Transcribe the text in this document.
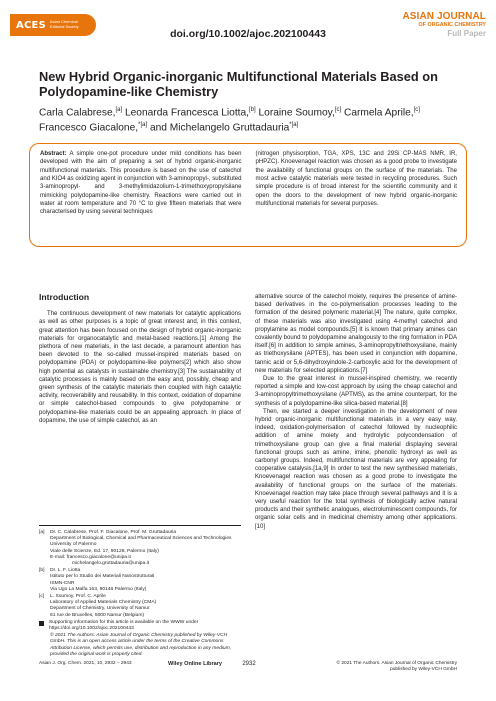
ACES Asian Chemical Editorial Society
doi.org/10.1002/ajoc.202100443
ASIAN JOURNAL
OF ORGANIC CHEMISTRY
Full Paper
New Hybrid Organic-inorganic Multifunctional Materials Based on Polydopamine-like Chemistry
Carla Calabrese,[a] Leonarda Francesca Liotta,[b] Loraine Soumoy,[c] Carmela Aprile,[c] Francesco Giacalone,$^{*[a]}$ and Michelangelo Gruttadauria$^{*[a]}$
Abstract: A simple one-pot procedure under mild conditions has been developed with the aim of preparing a set of hybrid organic-inorganic multifunctional materials. This procedure is based on the use of catechol and KIO4 as oxidizing agent in conjunction with 3-aminopropyl-, substituted 3-aminopropyl- and 3-methylimidazolium-1-trimethoxypropylsilane mimicking polydopamine-like chemistry. Reactions were carried out in water at room temperature and 70 °C to give fifteen materials that were characterised by using several techniques
(nitrogen physisorption, TGA, XPS, 13C and 29Si CP-MAS NMR, IR, pHPZC). Knoevenagel reaction was chosen as a good probe to investigate the availability of functional groups on the surface of the materials. The most active catalytic materials were tested in recycling procedures. Such simple procedure is of broad interest for the scientific community and it open the doors to the development of new hybrid organic-inorganic multifunctional materials for several purposes.
Introduction

The continuous development of new materials for catalytic applications as well as other purposes is a topic of great interest and, in this context, great attention has been focused on the design of hybrid organic-inorganic materials for organocatalytic and metal-based reactions.[1] Among the plethora of new materials, in the last decade, a paramount attention has been devoted to the so-called mussel-inspired materials based on polydopamine (PDA) or polydopamine-like polymers[2] which also show high potential as catalysts in sustainable chemistry.[3] The sustainability of catalytic processes is mainly based on the easy and, possibly, cheap and green synthesis of the catalytic materials then coupled with high catalytic activity, recoverability and reusability. In this context, oxidation of dopamine or simple catechol-based compounds to give polydopamine or polydopamine-like materials could be an appealing approach. In place of dopamine, the use of simple catechol, as an

alternative source of the catechol moiety, requires the presence of amine-based derivatives in the co-polymerisation processes leading to the formation of the desired polymeric material.[4] The nature, quite complex, of these materials was also investigated using 4-methyl catechol and propylamine as model compounds.[5] It is known that primary amines can covalently bound to polydopamine analogously to the ring formation in PDA itself.[6] In addition to simple amines, 3-aminopropyltriethoxysilane, mainly as triethoxysilane (APTES), has been used in conjunction with dopamine, tannic acid or 5,6-dihydroxyindole-2-carboxylic acid for the development of new materials for selected applications.[7]

Due to the great interest in mussel-inspired chemistry, we recently reported a simple and low-cost approach by using the cheap catechol and 3-aminopropyltrimethoxysilane (APTMS), as the amine counterpart, for the synthesis of a polydopamine-like silica-based material.[8]

Then, we started a deeper investigation in the development of new hybrid organic-inorganic multifunctional materials in a very easy way. Indeed, oxidation-polymerisation of catechol followed by nucleophilic addition of amine moiety and hydrolytic polycondensation of trimethoxysilane group can give a final material displaying several functional groups such as amine, imine, phenolic hydroxyl as well as carbonyl groups. Indeed, multifunctional materials are very appealing for cooperative catalysis.[1a,9] In order to test the new synthesised materials, Knoevenagel reaction was chosen as a good probe to investigate the availability of functional groups on the surface of the materials. Knoevenagel reaction may take place through several pathways and it is a very useful reaction for the total synthesis of biologically active natural products and their synthetic analogues, electroluminescent compounds, for organic solar cells and in medicinal chemistry among other applications.[10]

[a]	Dr. C. Calabrese, Prof. F. Giacalone, Prof. M. Gruttadauria
Department of Biological, Chemical and Pharmaceutical Sciences and Technologies
University of Palermo
Viale delle Scienze, Ed. 17, 90128, Palermo (Italy)
E-mail: francesco.giacalone@unipa.it
michelangelo.gruttadauria@unipa.it
[b]	Dr. L. F. Liotta
Istituto per lo Studio dei Materiali Nanostrutturati
ISMN-CNR
Via Ugo La Malfa 153, 90146 Palermo (Italy)
[c]	L. Soumoy, Prof. C. Aprile
Laboratory of Applied Materials Chemistry (CMA)
Department of Chemistry, University of Namur
61 rue de Bruxelles, 5000 Namur (Belgium)
Supporting information for this article is available on the WWW under https://doi.org/10.1002/ajoc.202100443
© 2021 The Authors. Asian Journal of Organic Chemistry published by Wiley-VCH GmbH. This is an open access article under the terms of the Creative Commons Attribution License, which permits use, distribution and reproduction in any medium, provided the original work is properly cited.
Asian J. Org. Chem. 2021, 10, 2932 – 2943	Wiley Online Library	2932	© 2021 The Authors. Asian Journal of Organic Chemistry published by Wiley-VCH GmbH
